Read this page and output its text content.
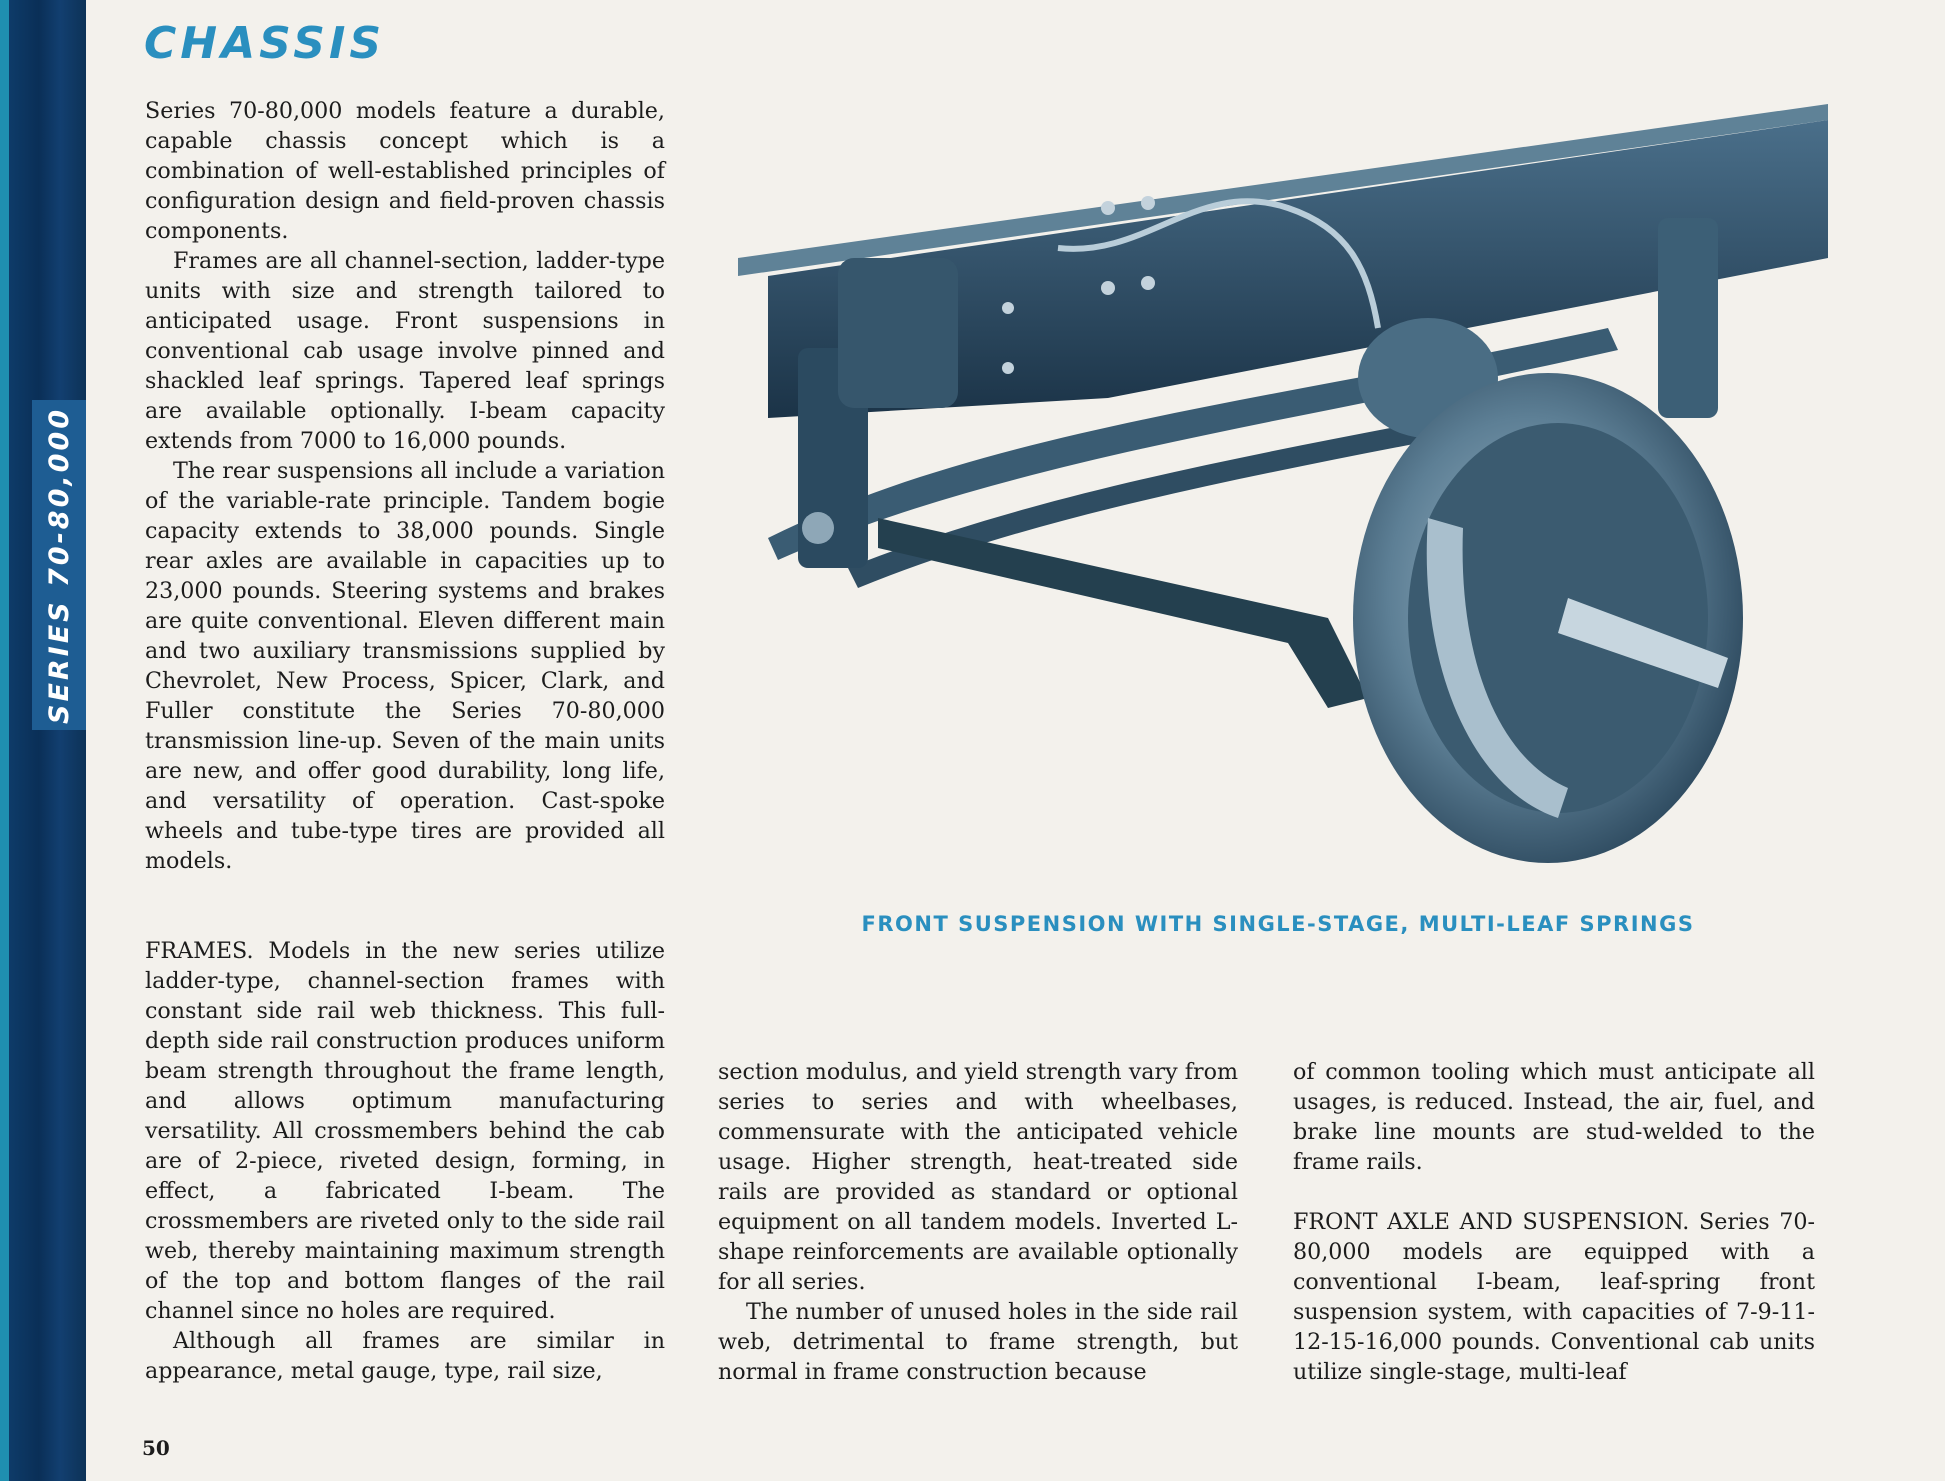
SERIES 70-80,000
CHASSIS

Series 70-80,000 models feature a durable, capable chassis concept which is a combination of well-established principles of configuration design and field-proven chassis components.

Frames are all channel-section, ladder-type units with size and strength tailored to anticipated usage. Front suspensions in conventional cab usage involve pinned and shackled leaf springs. Tapered leaf springs are available optionally. I-beam capacity extends from 7000 to 16,000 pounds.

The rear suspensions all include a variation of the variable-rate principle. Tandem bogie capacity extends to 38,000 pounds. Single rear axles are available in capacities up to 23,000 pounds. Steering systems and brakes are quite conventional. Eleven different main and two auxiliary transmissions supplied by Chevrolet, New Process, Spicer, Clark, and Fuller constitute the Series 70-80,000 transmission line-up. Seven of the main units are new, and offer good durability, long life, and versatility of operation. Cast-spoke wheels and tube-type tires are provided all models.

FRAMES. Models in the new series utilize ladder-type, channel-section frames with constant side rail web thickness. This full-depth side rail construction produces uniform beam strength throughout the frame length, and allows optimum manufacturing versatility. All crossmembers behind the cab are of 2-piece, riveted design, forming, in effect, a fabricated I-beam. The crossmembers are riveted only to the side rail web, thereby maintaining maximum strength of the top and bottom flanges of the rail channel since no holes are required.

Although all frames are similar in appearance, metal gauge, type, rail size,

section modulus, and yield strength vary from series to series and with wheelbases, commensurate with the anticipated vehicle usage. Higher strength, heat-treated side rails are provided as standard or optional equipment on all tandem models. Inverted L-shape reinforcements are available optionally for all series.

The number of unused holes in the side rail web, detrimental to frame strength, but normal in frame construction because

of common tooling which must anticipate all usages, is reduced. Instead, the air, fuel, and brake line mounts are stud-welded to the frame rails.

FRONT AXLE AND SUSPENSION. Series 70-80,000 models are equipped with a conventional I-beam, leaf-spring front suspension system, with capacities of 7-9-11-12-15-16,000 pounds. Conventional cab units utilize single-stage, multi-leaf

FRONT SUSPENSION WITH SINGLE-STAGE, MULTI-LEAF SPRINGS
50
